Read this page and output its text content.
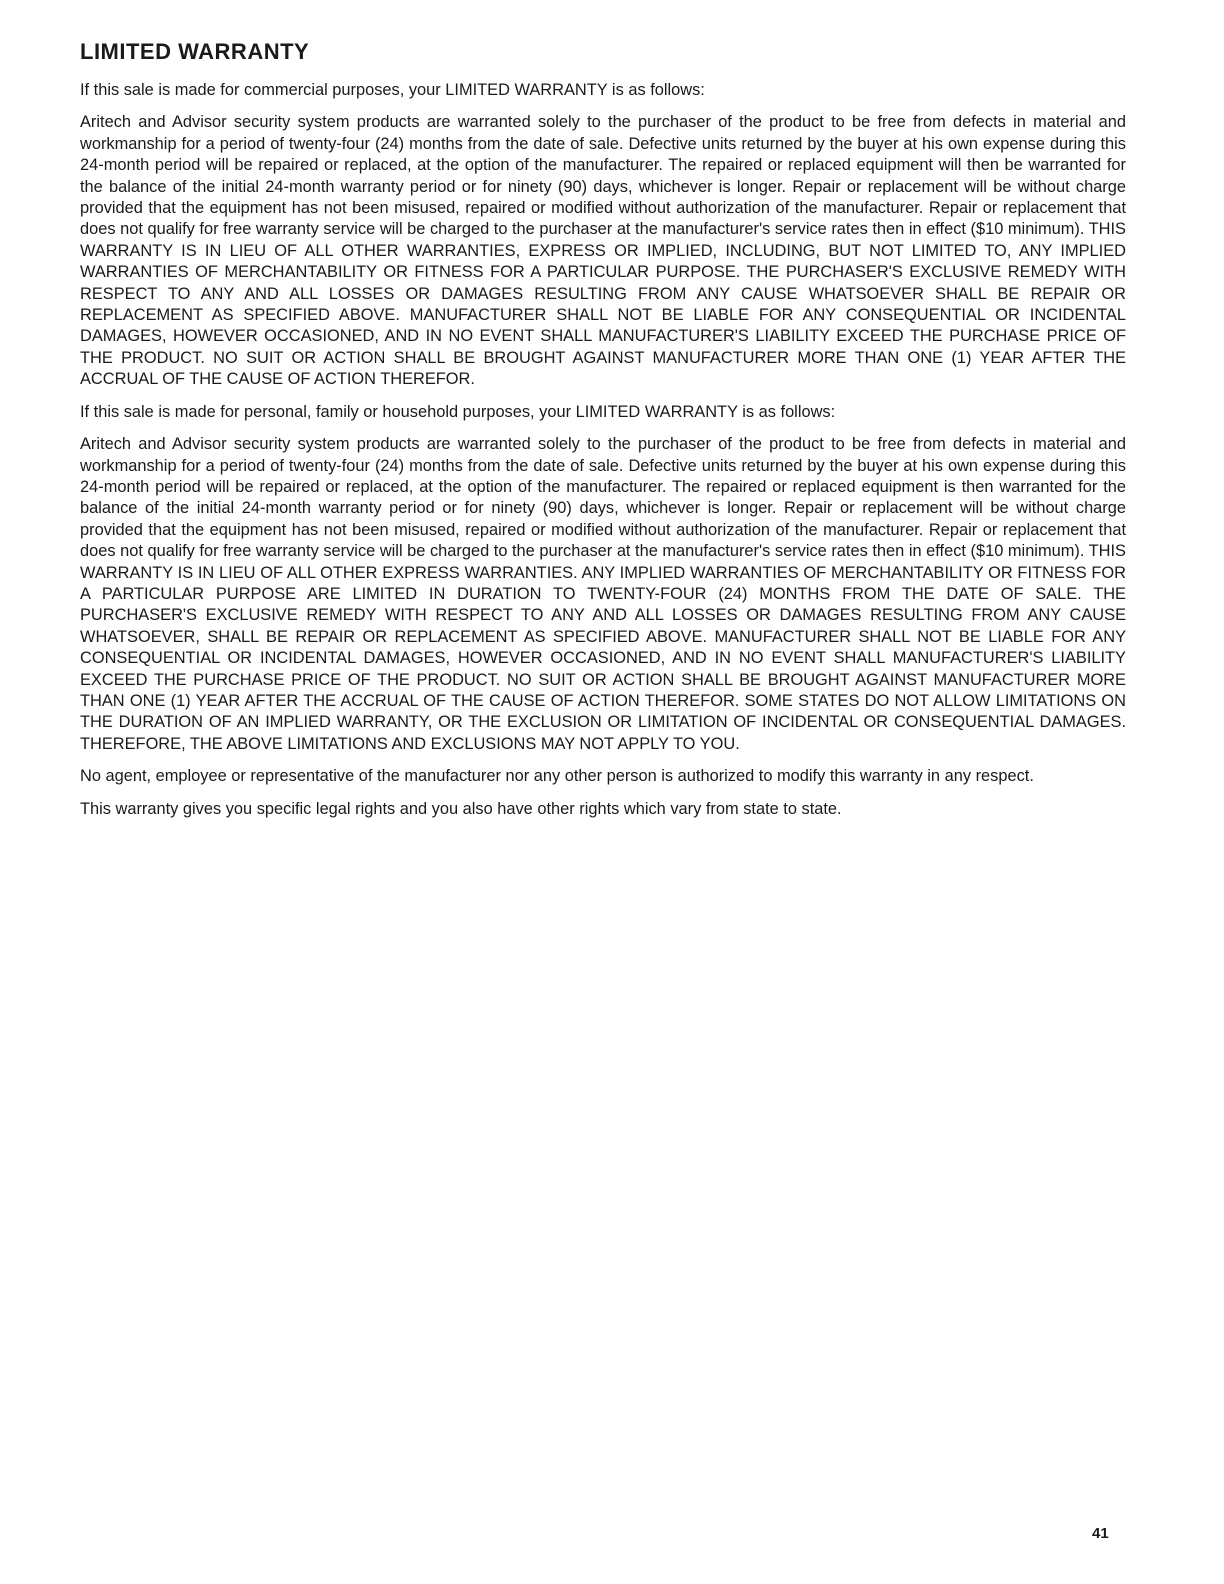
LIMITED WARRANTY

If this sale is made for commercial purposes, your LIMITED WARRANTY is as follows:

Aritech and Advisor security system products are warranted solely to the purchaser of the product to be free from defects in material and workmanship for a period of twenty-four (24) months from the date of sale. Defective units returned by the buyer at his own expense during this 24-month period will be repaired or replaced, at the option of the manufacturer. The repaired or replaced equipment will then be warranted for the balance of the initial 24-month warranty period or for ninety (90) days, whichever is longer. Repair or replacement will be without charge provided that the equipment has not been misused, repaired or modified without authorization of the manufacturer. Repair or replacement that does not qualify for free warranty service will be charged to the purchaser at the manufacturer's service rates then in effect ($10 minimum). THIS WARRANTY IS IN LIEU OF ALL OTHER WARRANTIES, EXPRESS OR IMPLIED, INCLUDING, BUT NOT LIMITED TO, ANY IMPLIED WARRANTIES OF MERCHANTABILITY OR FITNESS FOR A PARTICULAR PURPOSE. THE PURCHASER'S EXCLUSIVE REMEDY WITH RESPECT TO ANY AND ALL LOSSES OR DAMAGES RESULTING FROM ANY CAUSE WHATSOEVER SHALL BE REPAIR OR REPLACEMENT AS SPECIFIED ABOVE. MANUFACTURER SHALL NOT BE LIABLE FOR ANY CONSEQUENTIAL OR INCIDENTAL DAMAGES, HOWEVER OCCASIONED, AND IN NO EVENT SHALL MANUFACTURER'S LIABILITY EXCEED THE PURCHASE PRICE OF THE PRODUCT. NO SUIT OR ACTION SHALL BE BROUGHT AGAINST MANUFACTURER MORE THAN ONE (1) YEAR AFTER THE ACCRUAL OF THE CAUSE OF ACTION THEREFOR.

If this sale is made for personal, family or household purposes, your LIMITED WARRANTY is as follows:

Aritech and Advisor security system products are warranted solely to the purchaser of the product to be free from defects in material and workmanship for a period of twenty-four (24) months from the date of sale. Defective units returned by the buyer at his own expense during this 24-month period will be repaired or replaced, at the option of the manufacturer. The repaired or replaced equipment is then warranted for the balance of the initial 24-month warranty period or for ninety (90) days, whichever is longer. Repair or replacement will be without charge provided that the equipment has not been misused, repaired or modified without authorization of the manufacturer. Repair or replacement that does not qualify for free warranty service will be charged to the purchaser at the manufacturer's service rates then in effect ($10 minimum). THIS WARRANTY IS IN LIEU OF ALL OTHER EXPRESS WARRANTIES. ANY IMPLIED WARRANTIES OF MERCHANTABILITY OR FITNESS FOR A PARTICULAR PURPOSE ARE LIMITED IN DURATION TO TWENTY-FOUR (24) MONTHS FROM THE DATE OF SALE. THE PURCHASER'S EXCLUSIVE REMEDY WITH RESPECT TO ANY AND ALL LOSSES OR DAMAGES RESULTING FROM ANY CAUSE WHATSOEVER, SHALL BE REPAIR OR REPLACEMENT AS SPECIFIED ABOVE. MANUFACTURER SHALL NOT BE LIABLE FOR ANY CONSEQUENTIAL OR INCIDENTAL DAMAGES, HOWEVER OCCASIONED, AND IN NO EVENT SHALL MANUFACTURER'S LIABILITY EXCEED THE PURCHASE PRICE OF THE PRODUCT. NO SUIT OR ACTION SHALL BE BROUGHT AGAINST MANUFACTURER MORE THAN ONE (1) YEAR AFTER THE ACCRUAL OF THE CAUSE OF ACTION THEREFOR. SOME STATES DO NOT ALLOW LIMITATIONS ON THE DURATION OF AN IMPLIED WARRANTY, OR THE EXCLUSION OR LIMITATION OF INCIDENTAL OR CONSEQUENTIAL DAMAGES. THEREFORE, THE ABOVE LIMITATIONS AND EXCLUSIONS MAY NOT APPLY TO YOU.

No agent, employee or representative of the manufacturer nor any other person is authorized to modify this warranty in any respect.

This warranty gives you specific legal rights and you also have other rights which vary from state to state.

41
